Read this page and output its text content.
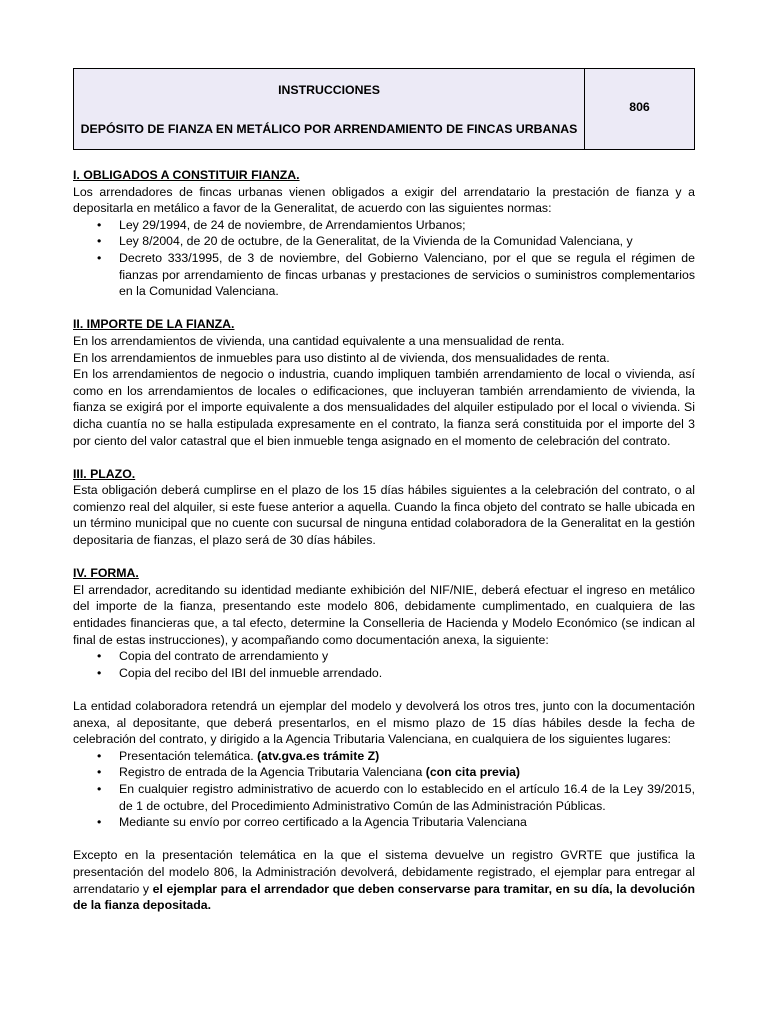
INSTRUCCIONES
DEPÓSITO DE FIANZA EN METÁLICO POR ARRENDAMIENTO DE FINCAS URBANAS
806

I. OBLIGADOS A CONSTITUIR FIANZA.

Los arrendadores de fincas urbanas vienen obligados a exigir del arrendatario la prestación de fianza y a depositarla en metálico a favor de la Generalitat, de acuerdo con las siguientes normas:

• Ley 29/1994, de 24 de noviembre, de Arrendamientos Urbanos;
• Ley 8/2004, de 20 de octubre, de la Generalitat, de la Vivienda de la Comunidad Valenciana, y
• Decreto 333/1995, de 3 de noviembre, del Gobierno Valenciano, por el que se regula el régimen de fianzas por arrendamiento de fincas urbanas y prestaciones de servicios o suministros complementarios en la Comunidad Valenciana.

II. IMPORTE DE LA FIANZA.

En los arrendamientos de vivienda, una cantidad equivalente a una mensualidad de renta.

En los arrendamientos de inmuebles para uso distinto al de vivienda, dos mensualidades de renta.

En los arrendamientos de negocio o industria, cuando impliquen también arrendamiento de local o vivienda, así como en los arrendamientos de locales o edificaciones, que incluyeran también arrendamiento de vivienda, la fianza se exigirá por el importe equivalente a dos mensualidades del alquiler estipulado por el local o vivienda. Si dicha cuantía no se halla estipulada expresamente en el contrato, la fianza será constituida por el importe del 3 por ciento del valor catastral que el bien inmueble tenga asignado en el momento de celebración del contrato.

III. PLAZO.

Esta obligación deberá cumplirse en el plazo de los 15 días hábiles siguientes a la celebración del contrato, o al comienzo real del alquiler, si este fuese anterior a aquella. Cuando la finca objeto del contrato se halle ubicada en un término municipal que no cuente con sucursal de ninguna entidad colaboradora de la Generalitat en la gestión depositaria de fianzas, el plazo será de 30 días hábiles.

IV. FORMA.

El arrendador, acreditando su identidad mediante exhibición del NIF/NIE, deberá efectuar el ingreso en metálico del importe de la fianza, presentando este modelo 806, debidamente cumplimentado, en cualquiera de las entidades financieras que, a tal efecto, determine la Conselleria de Hacienda y Modelo Económico (se indican al final de estas instrucciones), y acompañando como documentación anexa, la siguiente:

• Copia del contrato de arrendamiento y
• Copia del recibo del IBI del inmueble arrendado.

La entidad colaboradora retendrá un ejemplar del modelo y devolverá los otros tres, junto con la documentación anexa, al depositante, que deberá presentarlos, en el mismo plazo de 15 días hábiles desde la fecha de celebración del contrato, y dirigido a la Agencia Tributaria Valenciana, en cualquiera de los siguientes lugares:

• Presentación telemática. (atv.gva.es trámite Z)
• Registro de entrada de la Agencia Tributaria Valenciana (con cita previa)
• En cualquier registro administrativo de acuerdo con lo establecido en el artículo 16.4 de la Ley 39/2015, de 1 de octubre, del Procedimiento Administrativo Común de las Administración Públicas.
• Mediante su envío por correo certificado a la Agencia Tributaria Valenciana

Excepto en la presentación telemática en la que el sistema devuelve un registro GVRTE que justifica la presentación del modelo 806, la Administración devolverá, debidamente registrado, el ejemplar para entregar al arrendatario y el ejemplar para el arrendador que deben conservarse para tramitar, en su día, la devolución de la fianza depositada.
